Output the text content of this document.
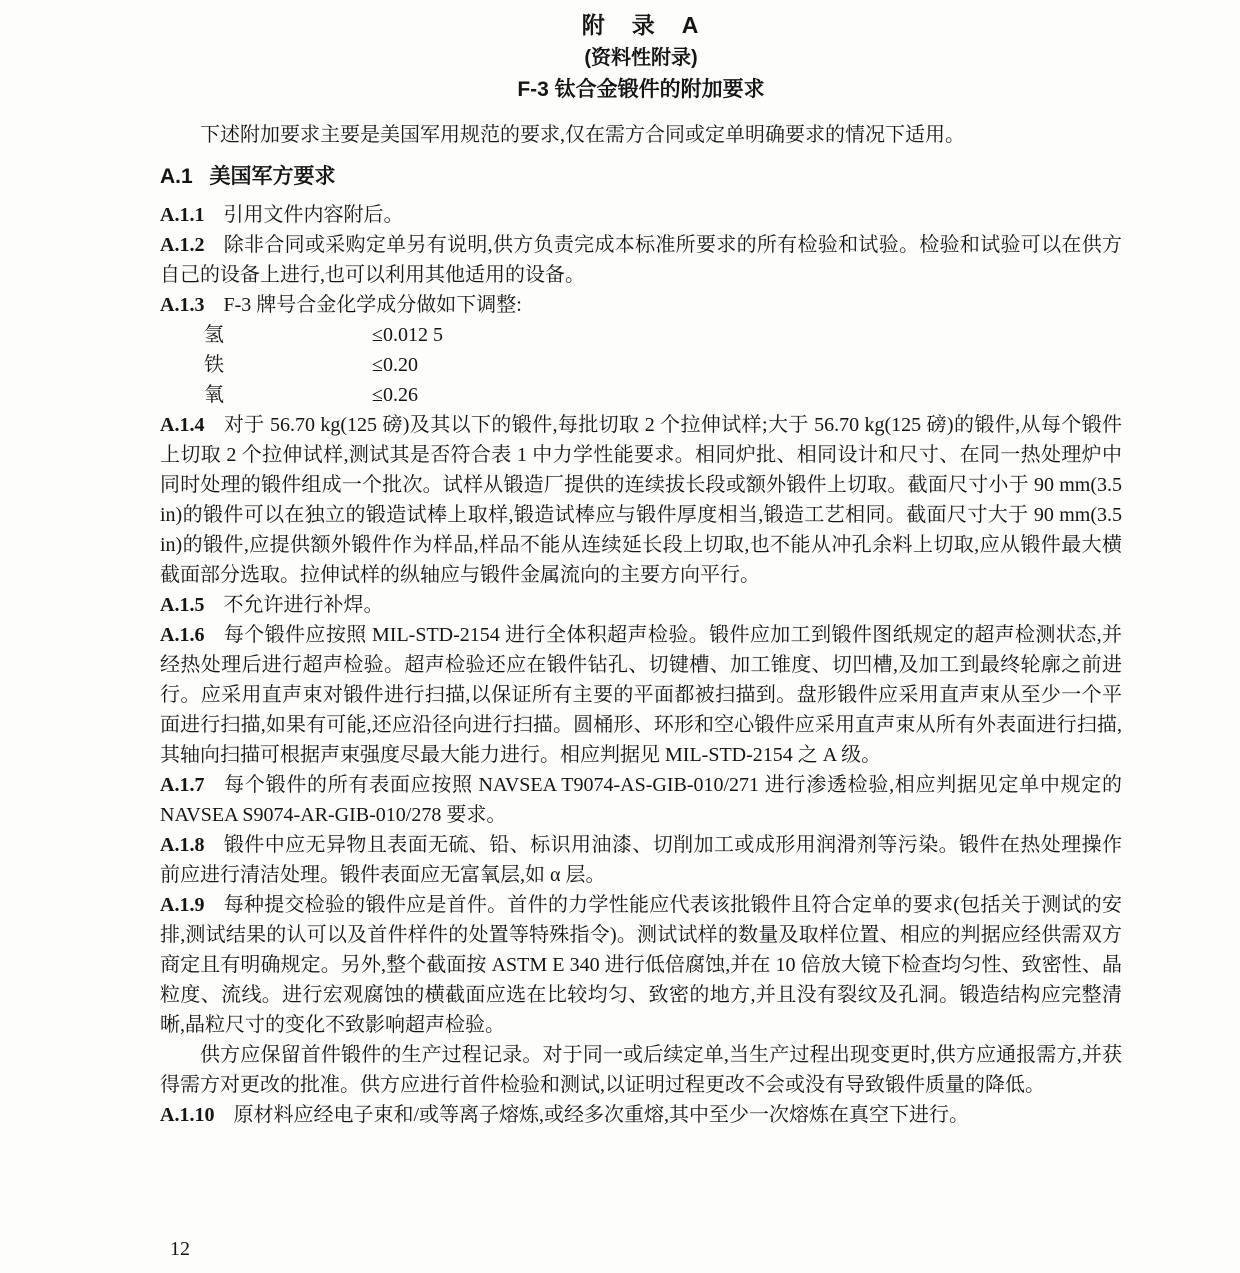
附　录　A
(资料性附录)
F-3 钛合金锻件的附加要求

下述附加要求主要是美国军用规范的要求,仅在需方合同或定单明确要求的情况下适用。

A.1 美国军方要求

A.1.1 引用文件内容附后。

A.1.2 除非合同或采购定单另有说明,供方负责完成本标准所要求的所有检验和试验。检验和试验可以在供方自己的设备上进行,也可以利用其他适用的设备。

A.1.3 F-3 牌号合金化学成分做如下调整:

氢	≤0.012 5
铁	≤0.20
氧	≤0.26

A.1.4 对于 56.70 kg(125 磅)及其以下的锻件,每批切取 2 个拉伸试样;大于 56.70 kg(125 磅)的锻件,从每个锻件上切取 2 个拉伸试样,测试其是否符合表 1 中力学性能要求。相同炉批、相同设计和尺寸、在同一热处理炉中同时处理的锻件组成一个批次。试样从锻造厂提供的连续拔长段或额外锻件上切取。截面尺寸小于 90 mm(3.5 in)的锻件可以在独立的锻造试棒上取样,锻造试棒应与锻件厚度相当,锻造工艺相同。截面尺寸大于 90 mm(3.5 in)的锻件,应提供额外锻件作为样品,样品不能从连续延长段上切取,也不能从冲孔余料上切取,应从锻件最大横截面部分选取。拉伸试样的纵轴应与锻件金属流向的主要方向平行。

A.1.5 不允许进行补焊。

A.1.6 每个锻件应按照 MIL-STD-2154 进行全体积超声检验。锻件应加工到锻件图纸规定的超声检测状态,并经热处理后进行超声检验。超声检验还应在锻件钻孔、切键槽、加工锥度、切凹槽,及加工到最终轮廓之前进行。应采用直声束对锻件进行扫描,以保证所有主要的平面都被扫描到。盘形锻件应采用直声束从至少一个平面进行扫描,如果有可能,还应沿径向进行扫描。圆桶形、环形和空心锻件应采用直声束从所有外表面进行扫描,其轴向扫描可根据声束强度尽最大能力进行。相应判据见 MIL-STD-2154 之 A 级。

A.1.7 每个锻件的所有表面应按照 NAVSEA T9074-AS-GIB-010/271 进行渗透检验,相应判据见定单中规定的 NAVSEA S9074-AR-GIB-010/278 要求。

A.1.8 锻件中应无异物且表面无硫、铅、标识用油漆、切削加工或成形用润滑剂等污染。锻件在热处理操作前应进行清洁处理。锻件表面应无富氧层,如 α 层。

A.1.9 每种提交检验的锻件应是首件。首件的力学性能应代表该批锻件且符合定单的要求(包括关于测试的安排,测试结果的认可以及首件样件的处置等特殊指令)。测试试样的数量及取样位置、相应的判据应经供需双方商定且有明确规定。另外,整个截面按 ASTM E 340 进行低倍腐蚀,并在 10 倍放大镜下检查均匀性、致密性、晶粒度、流线。进行宏观腐蚀的横截面应选在比较均匀、致密的地方,并且没有裂纹及孔洞。锻造结构应完整清晰,晶粒尺寸的变化不致影响超声检验。

供方应保留首件锻件的生产过程记录。对于同一或后续定单,当生产过程出现变更时,供方应通报需方,并获得需方对更改的批准。供方应进行首件检验和测试,以证明过程更改不会或没有导致锻件质量的降低。

A.1.10 原材料应经电子束和/或等离子熔炼,或经多次重熔,其中至少一次熔炼在真空下进行。

12
